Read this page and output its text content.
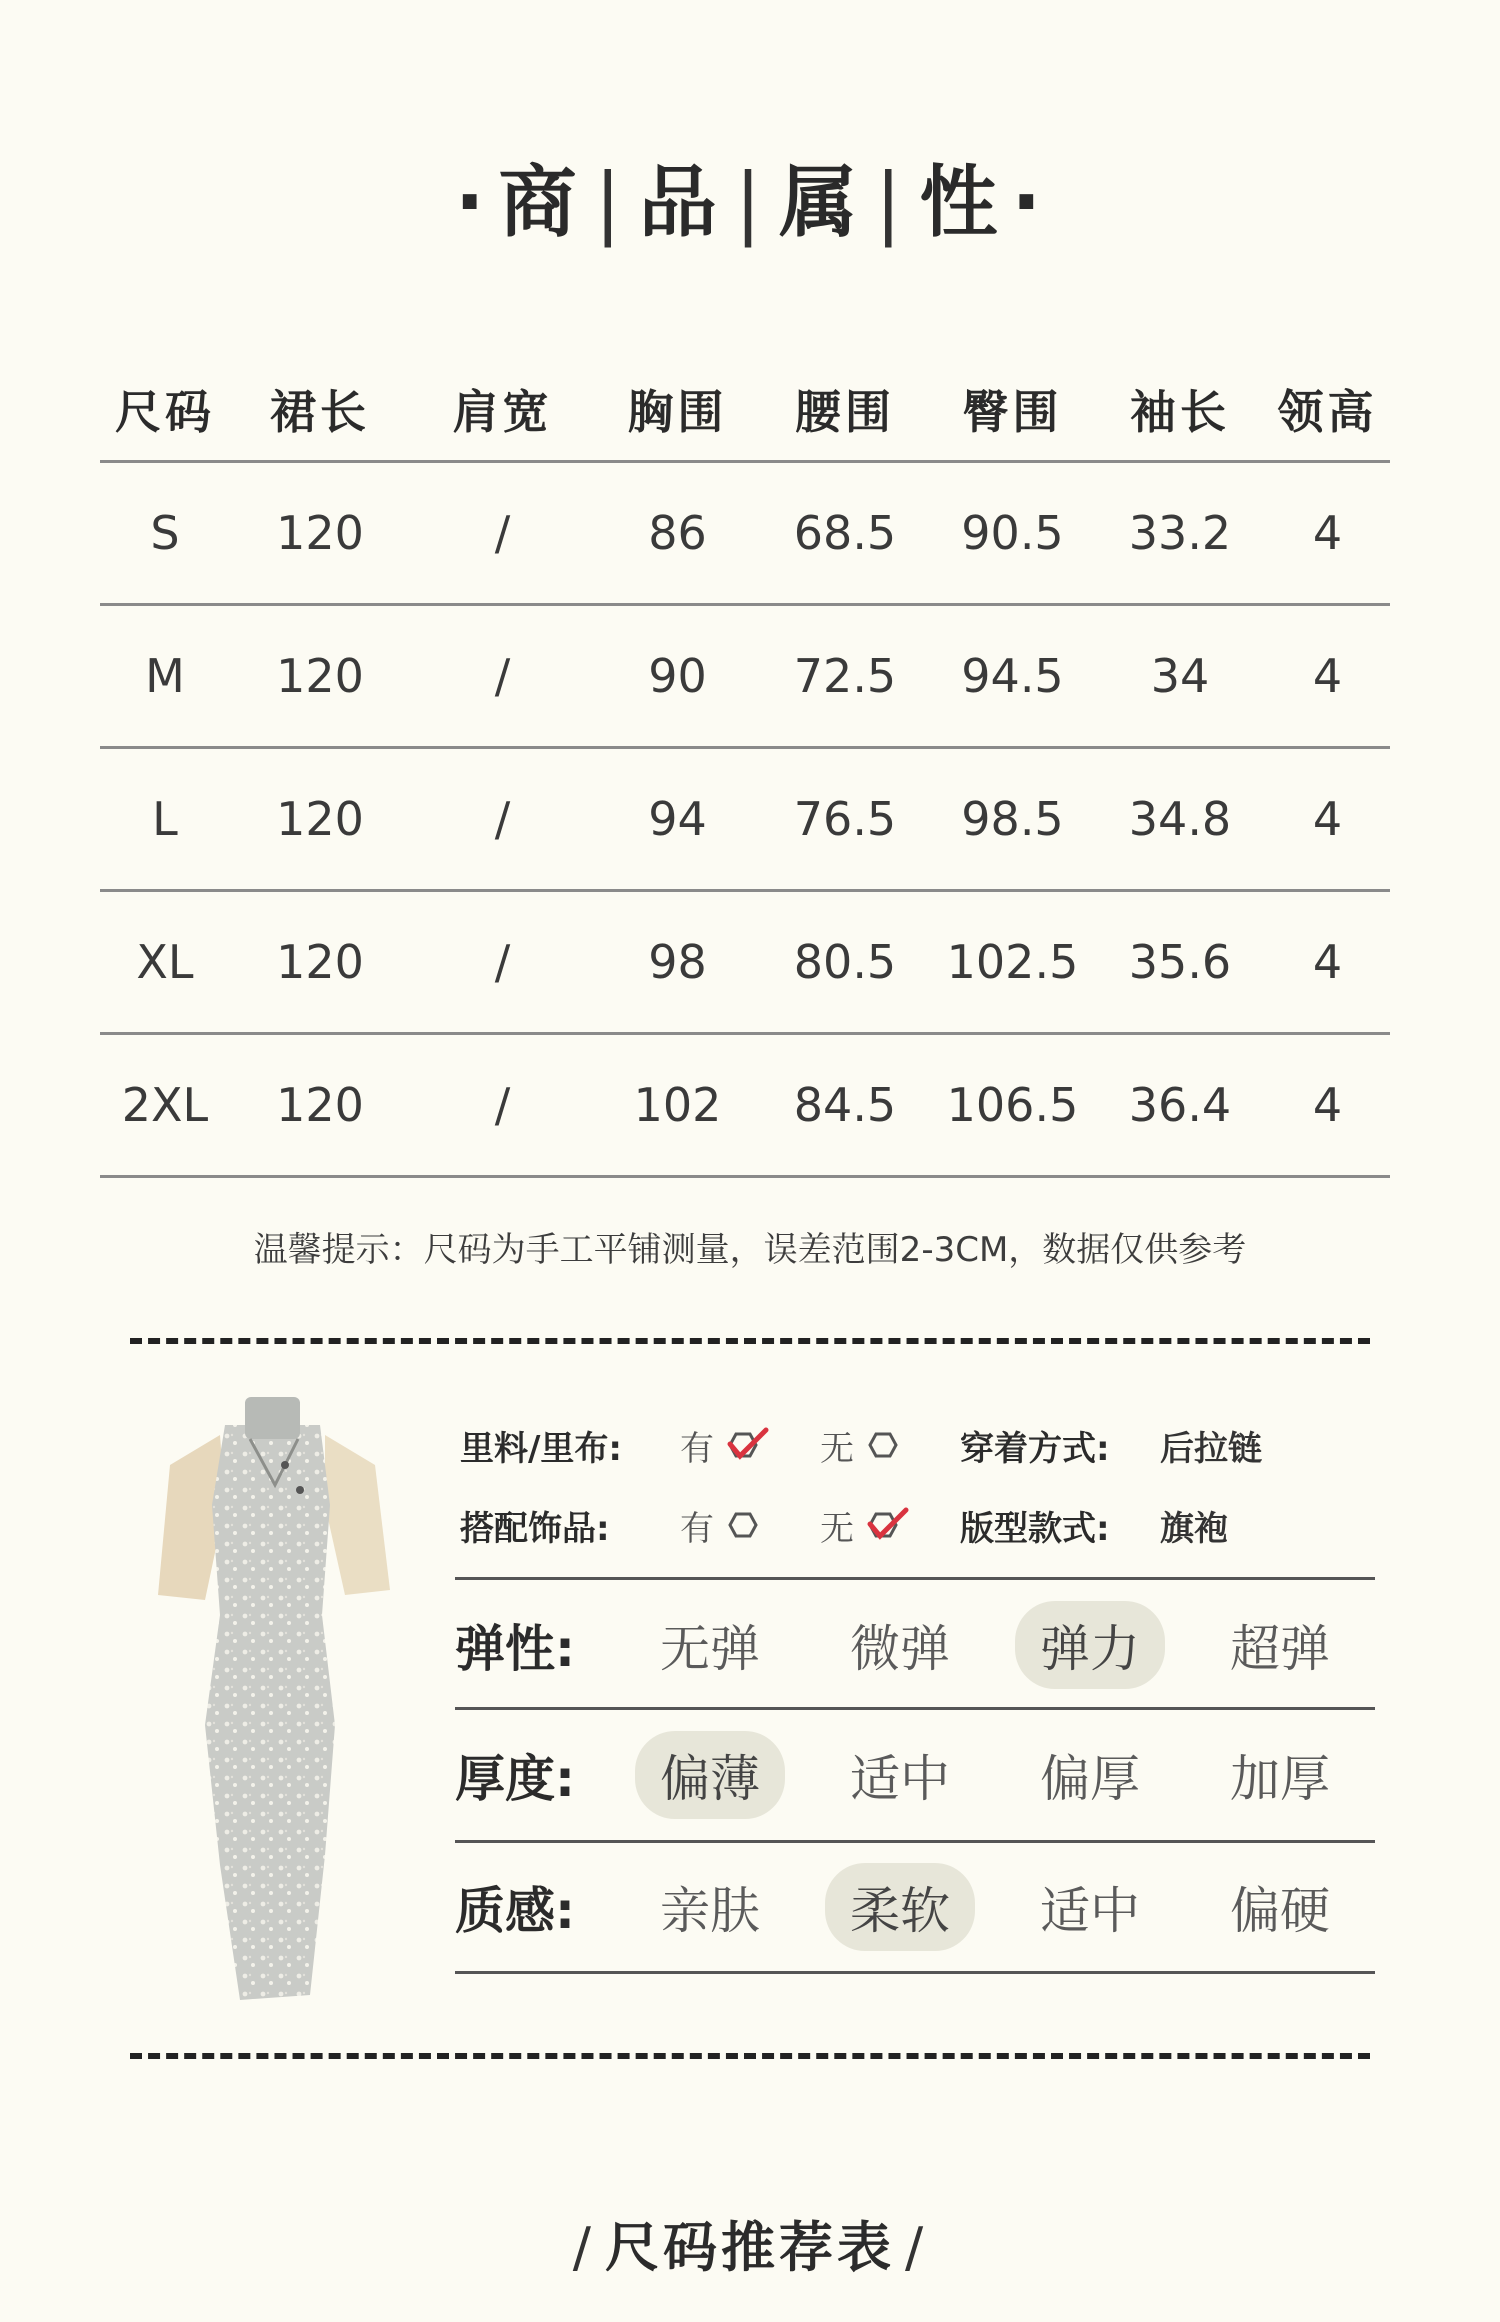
· 商 | 品 | 属 | 性 ·
尺码	裙长	肩宽	胸围	腰围	臀围	袖长	领高
S	120	/	86	68.5	90.5	33.2	4
M	120	/	90	72.5	94.5	34	4
L	120	/	94	76.5	98.5	34.8	4
XL	120	/	98	80.5	102.5	35.6	4
2XL	120	/	102	84.5	106.5	36.4	4
温馨提示：尺码为手工平铺测量，误差范围2-3CM，数据仅供参考
里料/里布:	有	无	穿着方式:	后拉链
搭配饰品:	有	无	版型款式:	旗袍
弹性:	无弹	微弹	弹力	超弹
厚度:	偏薄	适中	偏厚	加厚
质感:	亲肤	柔软	适中	偏硬
/ 尺码推荐表 /
